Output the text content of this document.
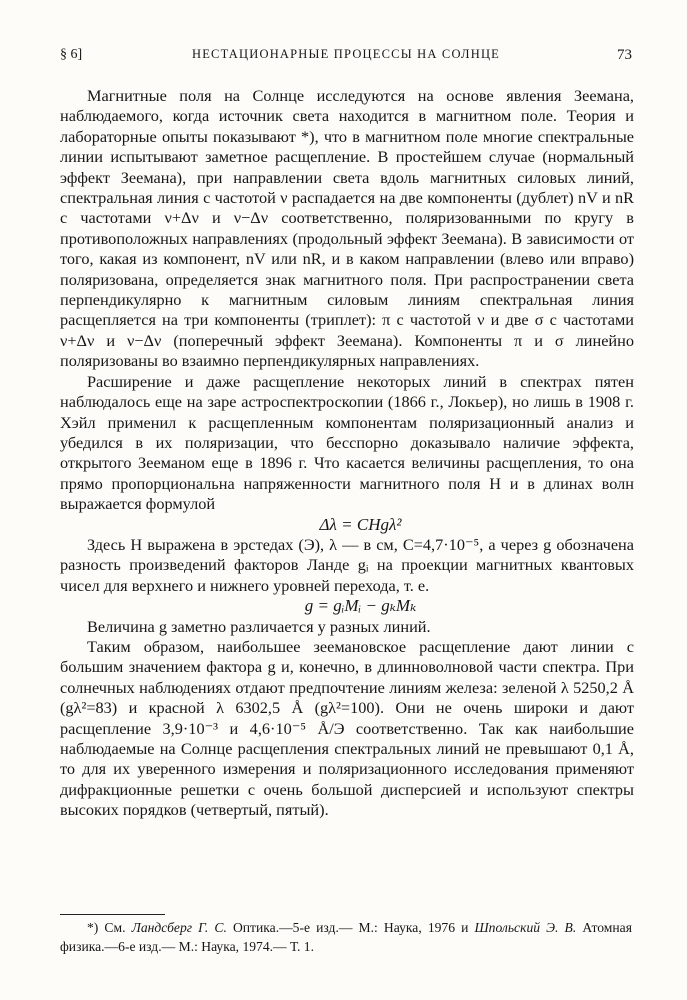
§ 6]	НЕСТАЦИОНАРНЫЕ ПРОЦЕССЫ НА СОЛНЦЕ	73

Магнитные поля на Солнце исследуются на основе явления Зеемана, наблюдаемого, когда источник света находится в магнитном поле. Теория и лабораторные опыты показывают *), что в магнитном поле многие спектральные линии испытывают заметное расщепление. В простейшем случае (нормальный эффект Зеемана), при направлении света вдоль магнитных силовых линий, спектральная линия с частотой ν распадается на две компоненты (дублет) nV и nR с частотами ν+Δν и ν−Δν соответственно, поляризованными по кругу в противоположных направлениях (продольный эффект Зеемана). В зависимости от того, какая из компонент, nV или nR, и в каком направлении (влево или вправо) поляризована, определяется знак магнитного поля. При распространении света перпендикулярно к магнитным силовым линиям спектральная линия расщепляется на три компоненты (триплет): π с частотой ν и две σ с частотами ν+Δν и ν−Δν (поперечный эффект Зеемана). Компоненты π и σ линейно поляризованы во взаимно перпендикулярных направлениях.

Расширение и даже расщепление некоторых линий в спектрах пятен наблюдалось еще на заре астроспектроскопии (1866 г., Локьер), но лишь в 1908 г. Хэйл применил к расщепленным компонентам поляризационный анализ и убедился в их поляризации, что бесспорно доказывало наличие эффекта, открытого Зееманом еще в 1896 г. Что касается величины расщепления, то она прямо пропорциональна напряженности магнитного поля H и в длинах волн выражается формулой

Δλ = CHgλ²

Здесь H выражена в эрстедах (Э), λ — в см, C=4,7·10⁻⁵, а через g обозначена разность произведений факторов Ланде gᵢ на проекции магнитных квантовых чисел для верхнего и нижнего уровней перехода, т. е.

g = gᵢMᵢ − gₖMₖ

Величина g заметно различается у разных линий.

Таким образом, наибольшее зеемановское расщепление дают линии с большим значением фактора g и, конечно, в длинноволновой части спектра. При солнечных наблюдениях отдают предпочтение линиям железа: зеленой λ 5250,2 Å (gλ²=83) и красной λ 6302,5 Å (gλ²=100). Они не очень широки и дают расщепление 3,9·10⁻³ и 4,6·10⁻⁵ Å/Э соответственно. Так как наибольшие наблюдаемые на Солнце расщепления спектральных линий не превышают 0,1 Å, то для их уверенного измерения и поляризационного исследования применяют дифракционные решетки с очень большой дисперсией и используют спектры высоких порядков (четвертый, пятый).

*) См. Ландсберг Г. С. Оптика.—5-е изд.— М.: Наука, 1976 и Шпольский Э. В. Атомная физика.—6-е изд.— М.: Наука, 1974.— Т. 1.
